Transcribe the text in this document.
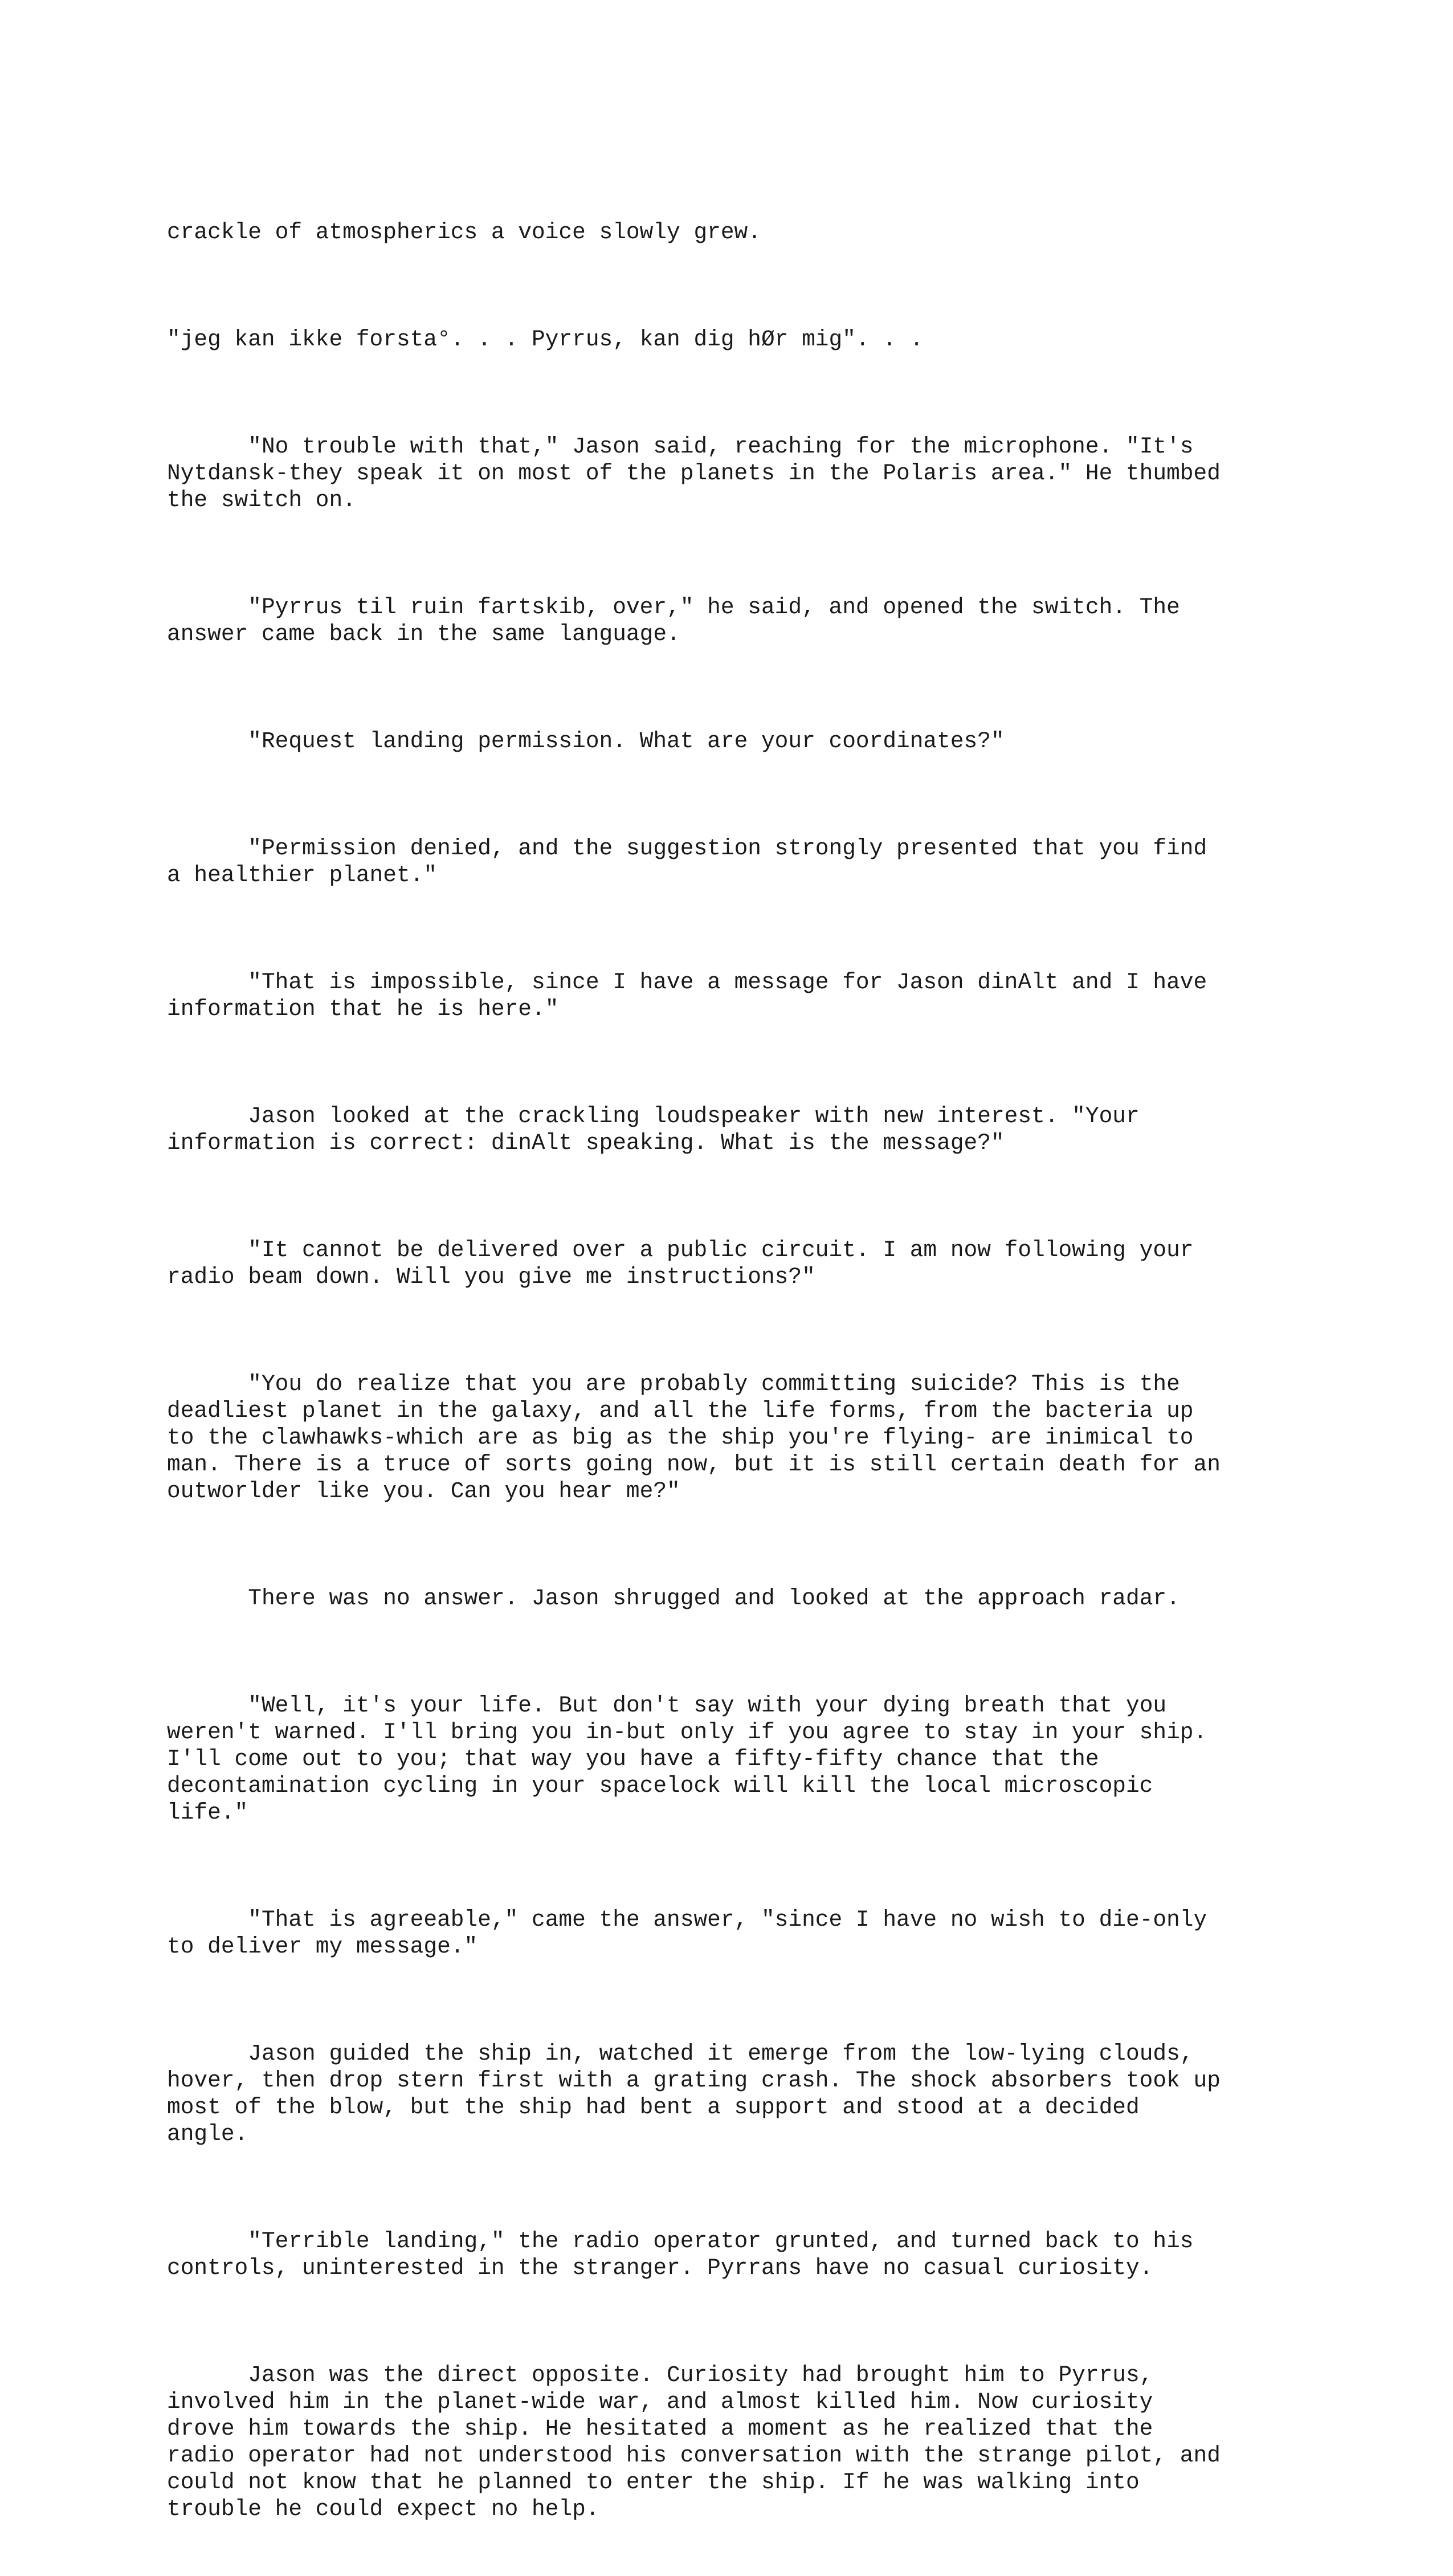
crackle of atmospherics a voice slowly grew.

"jeg kan ikke forsta°. . . Pyrrus, kan dig hØr mig". . .

"No trouble with that," Jason said, reaching for the microphone. "It's
Nytdansk-they speak it on most of the planets in the Polaris area." He thumbed
the switch on.

"Pyrrus til ruin fartskib, over," he said, and opened the switch. The
answer came back in the same language.

"Request landing permission. What are your coordinates?"

"Permission denied, and the suggestion strongly presented that you find
a healthier planet."

"That is impossible, since I have a message for Jason dinAlt and I have
information that he is here."

Jason looked at the crackling loudspeaker with new interest. "Your
information is correct: dinAlt speaking. What is the message?"

"It cannot be delivered over a public circuit. I am now following your
radio beam down. Will you give me instructions?"

"You do realize that you are probably committing suicide? This is the
deadliest planet in the galaxy, and all the life forms, from the bacteria up
to the clawhawks-which are as big as the ship you're flying- are inimical to
man. There is a truce of sorts going now, but it is still certain death for an
outworlder like you. Can you hear me?"

There was no answer. Jason shrugged and looked at the approach radar.

"Well, it's your life. But don't say with your dying breath that you
weren't warned. I'll bring you in-but only if you agree to stay in your ship.
I'll come out to you; that way you have a fifty-fifty chance that the
decontamination cycling in your spacelock will kill the local microscopic
life."

"That is agreeable," came the answer, "since I have no wish to die-only
to deliver my message."

Jason guided the ship in, watched it emerge from the low-lying clouds,
hover, then drop stern first with a grating crash. The shock absorbers took up
most of the blow, but the ship had bent a support and stood at a decided
angle.

"Terrible landing," the radio operator grunted, and turned back to his
controls, uninterested in the stranger. Pyrrans have no casual curiosity.

Jason was the direct opposite. Curiosity had brought him to Pyrrus,
involved him in the planet-wide war, and almost killed him. Now curiosity
drove him towards the ship. He hesitated a moment as he realized that the
radio operator had not understood his conversation with the strange pilot, and
could not know that he planned to enter the ship. If he was walking into
trouble he could expect no help.
